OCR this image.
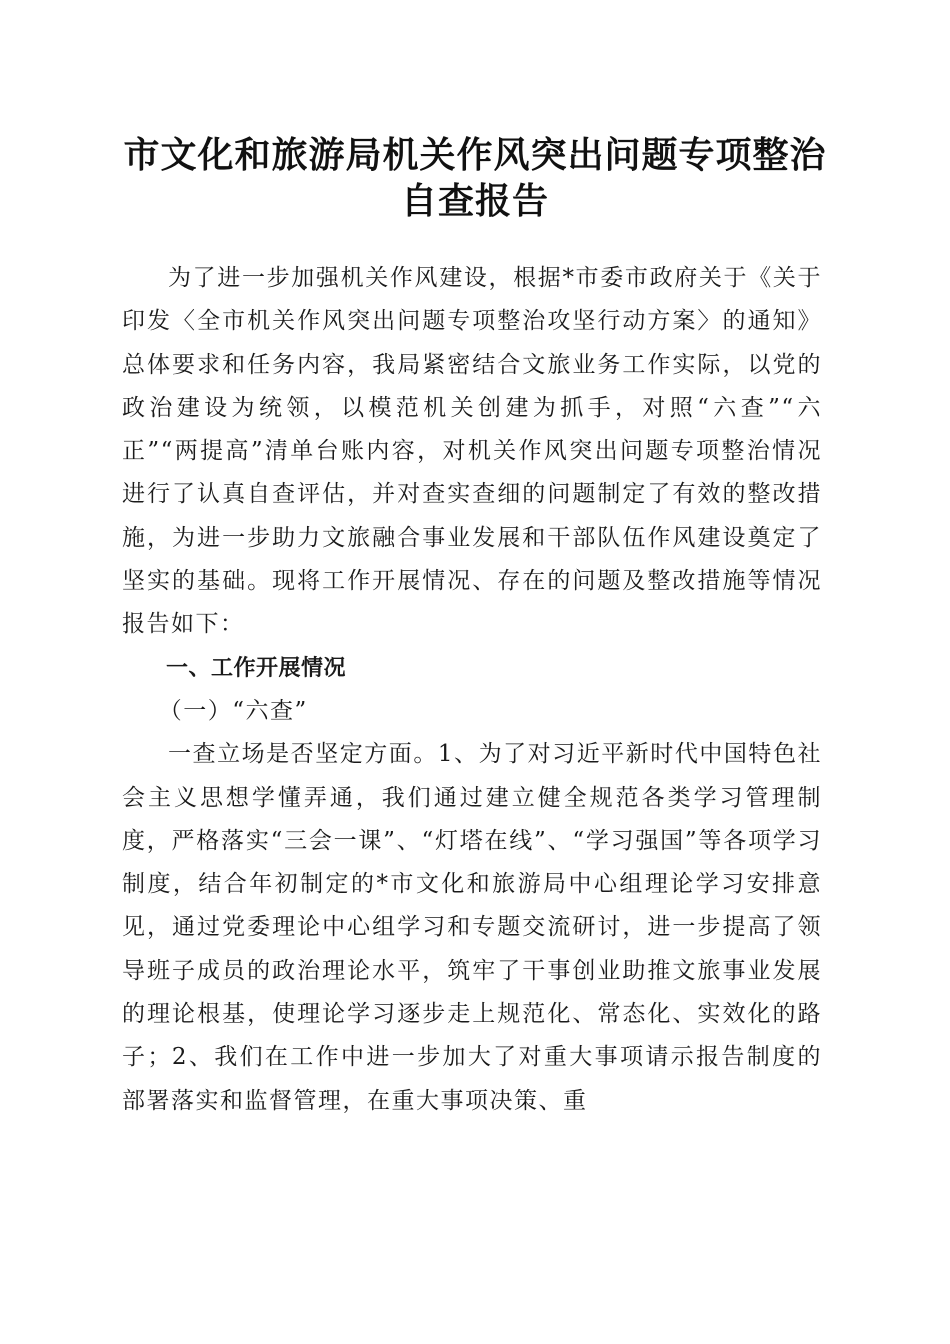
市文化和旅游局机关作风突出问题专项整治自查报告

为了进一步加强机关作风建设，根据*市委市政府关于《关于印发〈全市机关作风突出问题专项整治攻坚行动方案〉的通知》总体要求和任务内容，我局紧密结合文旅业务工作实际，以党的政治建设为统领，以模范机关创建为抓手，对照“六查”“六正”“两提高”清单台账内容，对机关作风突出问题专项整治情况进行了认真自查评估，并对查实查细的问题制定了有效的整改措施，为进一步助力文旅融合事业发展和干部队伍作风建设奠定了坚实的基础。现将工作开展情况、存在的问题及整改措施等情况报告如下：

一、工作开展情况

（一）“六查”

一查立场是否坚定方面。1、为了对习近平新时代中国特色社会主义思想学懂弄通，我们通过建立健全规范各类学习管理制度，严格落实“三会一课”、“灯塔在线”、“学习强国”等各项学习制度，结合年初制定的*市文化和旅游局中心组理论学习安排意见，通过党委理论中心组学习和专题交流研讨，进一步提高了领导班子成员的政治理论水平，筑牢了干事创业助推文旅事业发展的理论根基，使理论学习逐步走上规范化、常态化、实效化的路子；2、我们在工作中进一步加大了对重大事项请示报告制度的部署落实和监督管理，在重大事项决策、重
